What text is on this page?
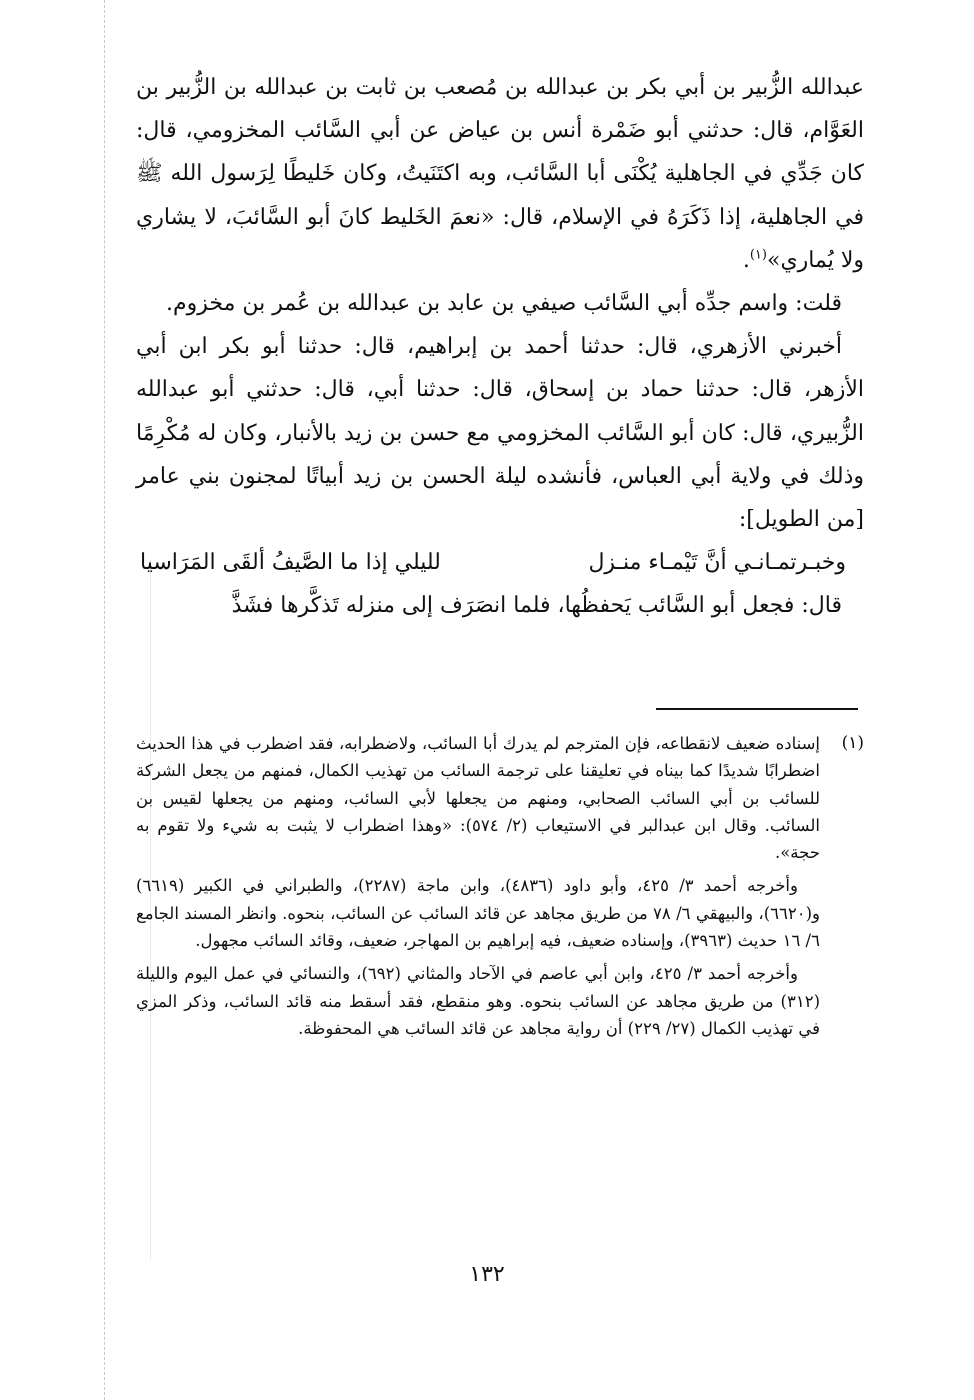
عبدالله الزُّبير بن أبي بكر بن عبدالله بن مُصعب بن ثابت بن عبدالله بن الزُّبير بن العَوَّام، قال: حدثني أبو ضَمْرة أنس بن عياض عن أبي السَّائب المخزومي، قال: كان جَدِّي في الجاهلية يُكْنَى أبا السَّائب، وبه اكتَنَيتُ، وكان خَليطًا لِرَسول الله ﷺ في الجاهلية، إذا ذَكَرَهُ في الإسلام، قال: «نعمَ الخَليط كانَ أبو السَّائبَ، لا يشاري ولا يُماري»$^{(١)}$.

قلت: واسم جدِّه أبي السَّائب صيفي بن عابد بن عبدالله بن عُمر بن مخزوم.

أخبرني الأزهري، قال: حدثنا أحمد بن إبراهيم، قال: حدثنا أبو بكر ابن أبي الأزهر، قال: حدثنا حماد بن إسحاق، قال: حدثنا أبي، قال: حدثني أبو عبدالله الزُّبيري، قال: كان أبو السَّائب المخزومي مع حسن بن زيد بالأنبار، وكان له مُكْرِمًا وذلك في ولاية أبي العباس، فأنشده ليلة الحسن بن زيد أبياتًا لمجنون بني عامر [من الطويل]:

وخبـرتمـانـي أنَّ تَيْمـاء منـزل
لليلي إذا ما الصَّيفُ ألقَى المَرَاسيا

قال: فجعل أبو السَّائب يَحفظُها، فلما انصَرَف إلى منزله تَذكَّرها فشَذَّ

(١)

إسناده ضعيف لانقطاعه، فإن المترجم لم يدرك أبا السائب، ولاضطرابه، فقد اضطرب في هذا الحديث اضطرابًا شديدًا كما بيناه في تعليقنا على ترجمة السائب من تهذيب الكمال، فمنهم من يجعل الشركة للسائب بن أبي السائب الصحابي، ومنهم من يجعلها لأبي السائب، ومنهم من يجعلها لقيس بن السائب. وقال ابن عبدالبر في الاستيعاب (٢/ ٥٧٤): «وهذا اضطراب لا يثبت به شيء ولا تقوم به حجة».

وأخرجه أحمد ٣/ ٤٢٥، وأبو داود (٤٨٣٦)، وابن ماجة (٢٢٨٧)، والطبراني في الكبير (٦٦١٩) و(٦٦٢٠)، والبيهقي ٦/ ٧٨ من طريق مجاهد عن قائد السائب عن السائب، بنحوه. وانظر المسند الجامع ٦/ ١٦ حديث (٣٩٦٣)، وإسناده ضعيف، فيه إبراهيم بن المهاجر، ضعيف، وقائد السائب مجهول.

وأخرجه أحمد ٣/ ٤٢٥، وابن أبي عاصم في الآحاد والمثاني (٦٩٢)، والنسائي في عمل اليوم والليلة (٣١٢) من طريق مجاهد عن السائب بنحوه. وهو منقطع، فقد أسقط منه قائد السائب، وذكر المزي في تهذيب الكمال (٢٧/ ٢٢٩) أن رواية مجاهد عن قائد السائب هي المحفوظة.

١٣٢
